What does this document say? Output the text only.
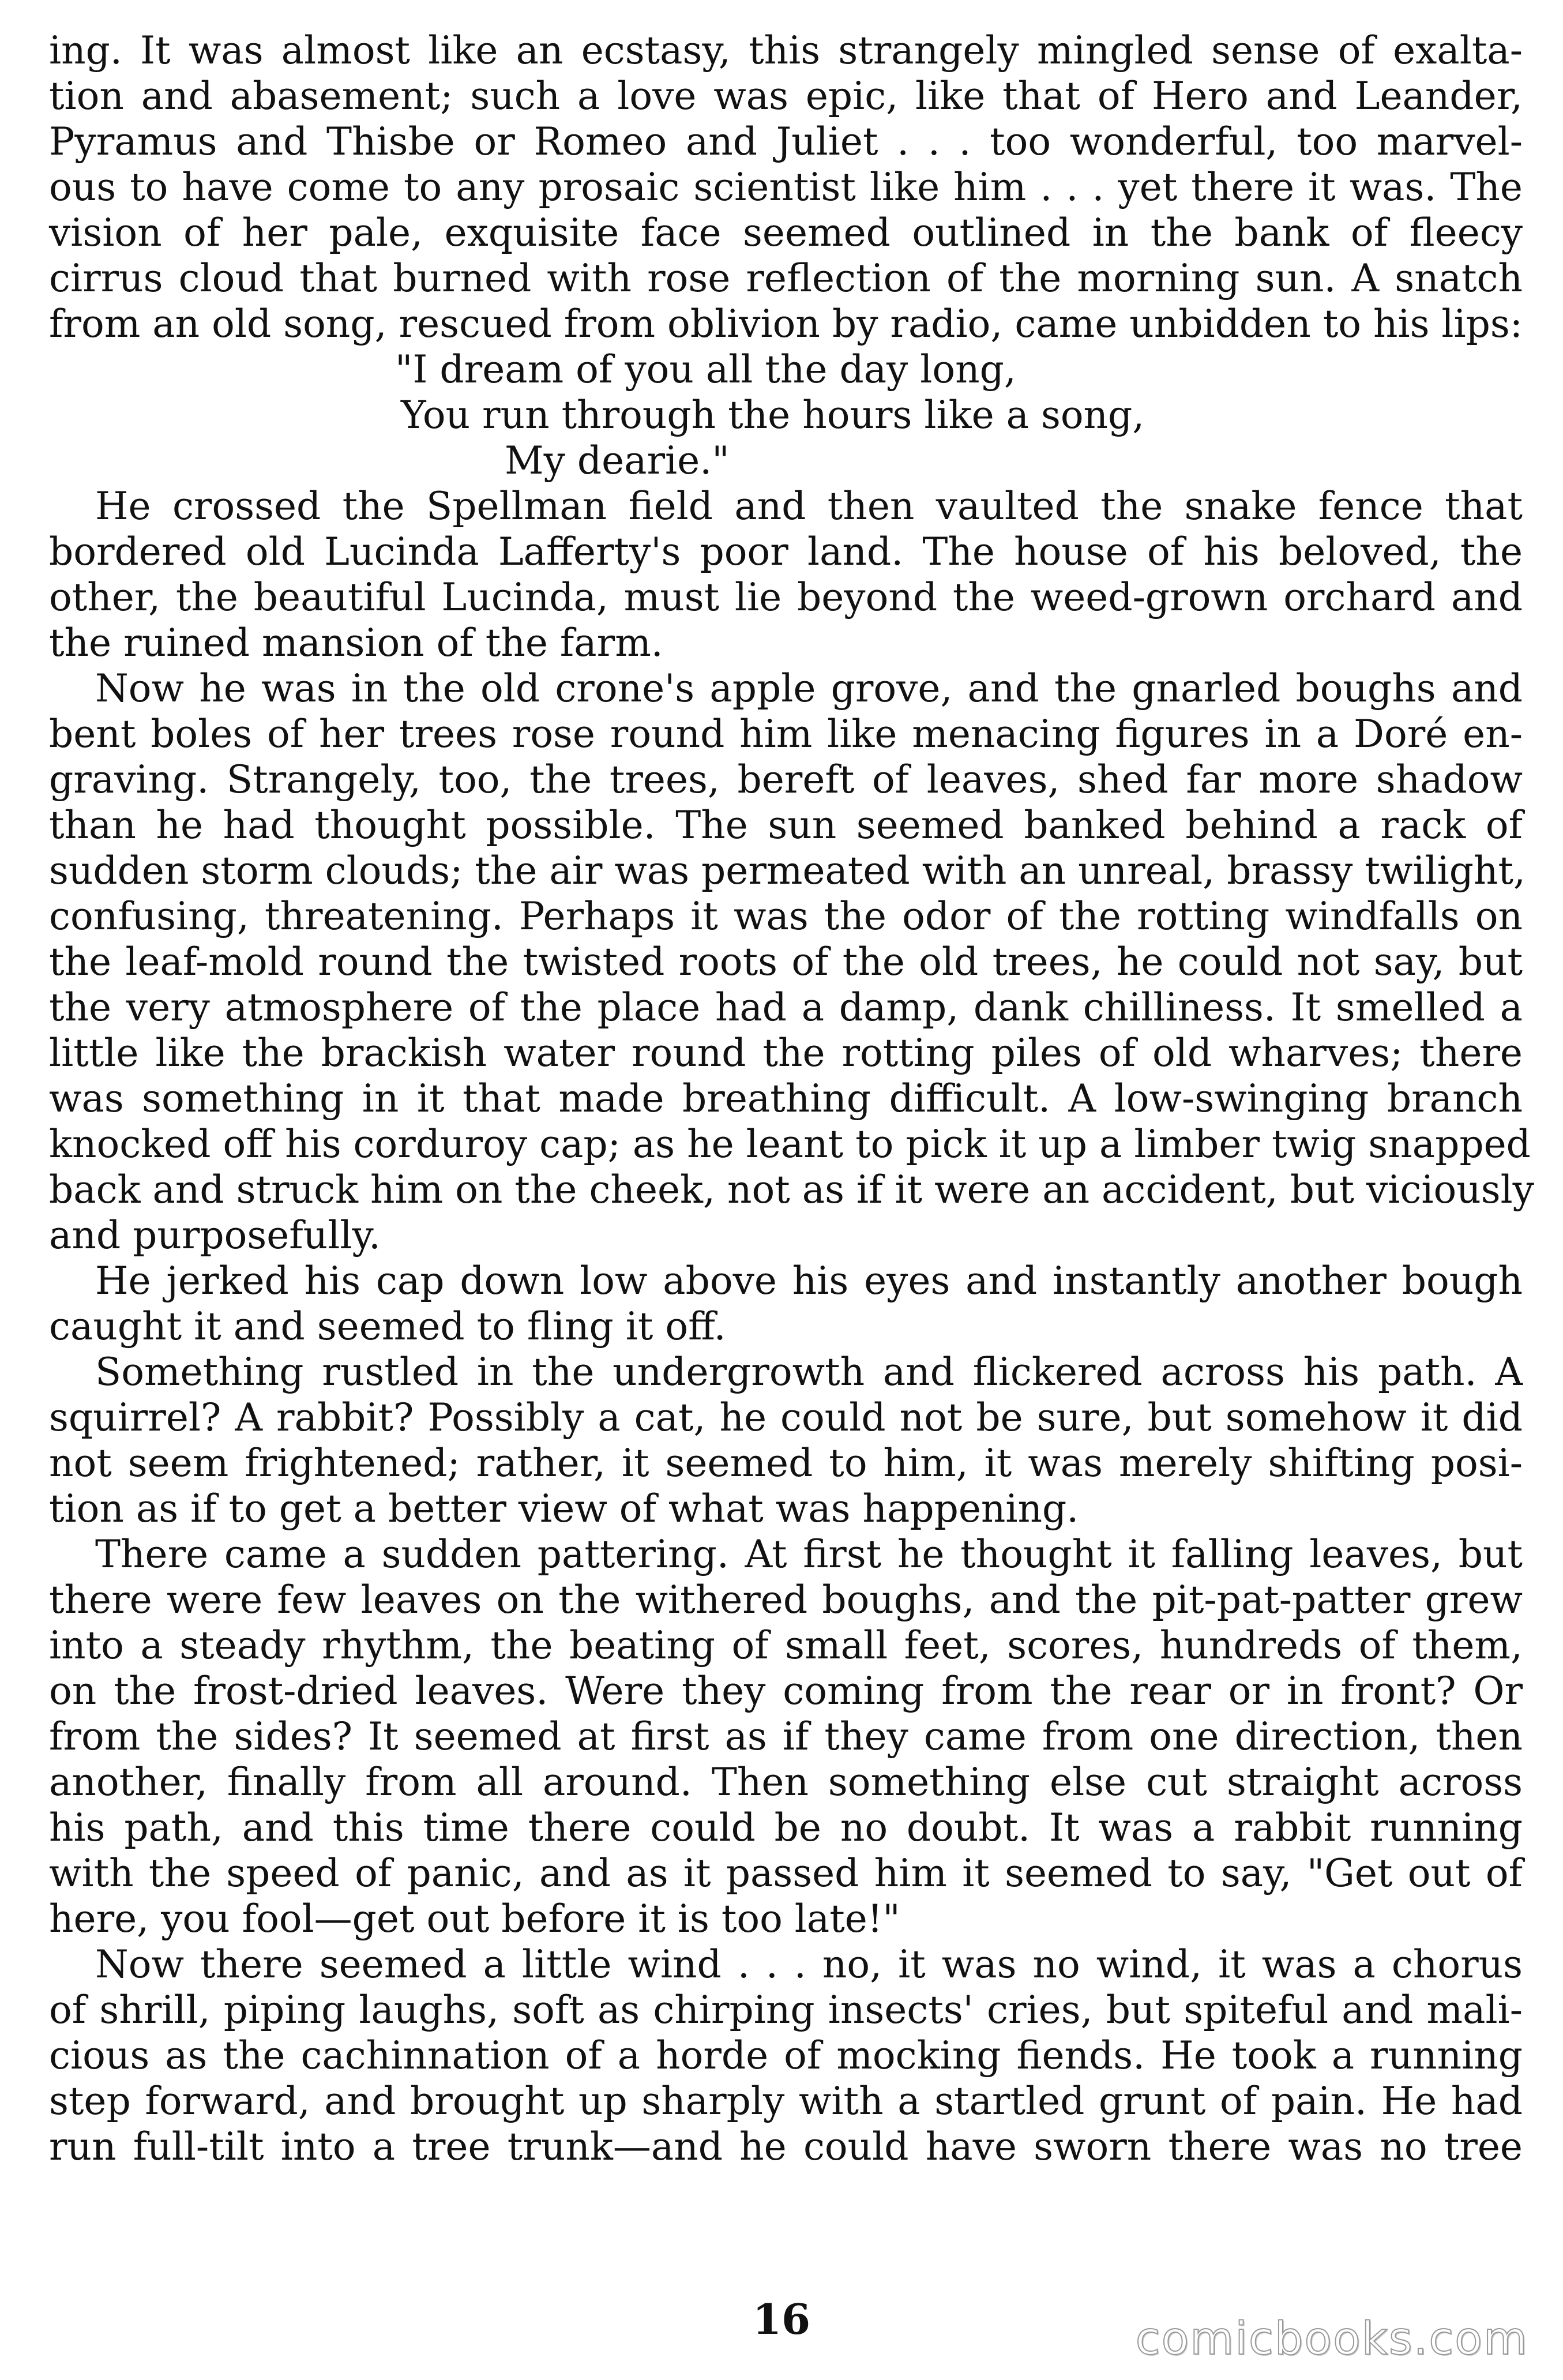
ing. It was almost like an ecstasy, this strangely mingled sense of exalta-
tion and abasement; such a love was epic, like that of Hero and Leander,
Pyramus and Thisbe or Romeo and Juliet . . . too wonderful, too marvel-
ous to have come to any prosaic scientist like him . . . yet there it was. The
vision of her pale, exquisite face seemed outlined in the bank of fleecy
cirrus cloud that burned with rose reflection of the morning sun. A snatch
from an old song, rescued from oblivion by radio, came unbidden to his lips:
"I dream of you all the day long,
You run through the hours like a song,
My dearie."
He crossed the Spellman field and then vaulted the snake fence that
bordered old Lucinda Lafferty's poor land. The house of his beloved, the
other, the beautiful Lucinda, must lie beyond the weed-grown orchard and
the ruined mansion of the farm.
Now he was in the old crone's apple grove, and the gnarled boughs and
bent boles of her trees rose round him like menacing figures in a Doré en-
graving. Strangely, too, the trees, bereft of leaves, shed far more shadow
than he had thought possible. The sun seemed banked behind a rack of
sudden storm clouds; the air was permeated with an unreal, brassy twilight,
confusing, threatening. Perhaps it was the odor of the rotting windfalls on
the leaf-mold round the twisted roots of the old trees, he could not say, but
the very atmosphere of the place had a damp, dank chilliness. It smelled a
little like the brackish water round the rotting piles of old wharves; there
was something in it that made breathing difficult. A low-swinging branch
knocked off his corduroy cap; as he leant to pick it up a limber twig snapped
back and struck him on the cheek, not as if it were an accident, but viciously
and purposefully.
He jerked his cap down low above his eyes and instantly another bough
caught it and seemed to fling it off.
Something rustled in the undergrowth and flickered across his path. A
squirrel? A rabbit? Possibly a cat, he could not be sure, but somehow it did
not seem frightened; rather, it seemed to him, it was merely shifting posi-
tion as if to get a better view of what was happening.
There came a sudden pattering. At first he thought it falling leaves, but
there were few leaves on the withered boughs, and the pit-pat-patter grew
into a steady rhythm, the beating of small feet, scores, hundreds of them,
on the frost-dried leaves. Were they coming from the rear or in front? Or
from the sides? It seemed at first as if they came from one direction, then
another, finally from all around. Then something else cut straight across
his path, and this time there could be no doubt. It was a rabbit running
with the speed of panic, and as it passed him it seemed to say, "Get out of
here, you fool—get out before it is too late!"
Now there seemed a little wind . . . no, it was no wind, it was a chorus
of shrill, piping laughs, soft as chirping insects' cries, but spiteful and mali-
cious as the cachinnation of a horde of mocking fiends. He took a running
step forward, and brought up sharply with a startled grunt of pain. He had
run full-tilt into a tree trunk—and he could have sworn there was no tree
16	comicbooks.com
